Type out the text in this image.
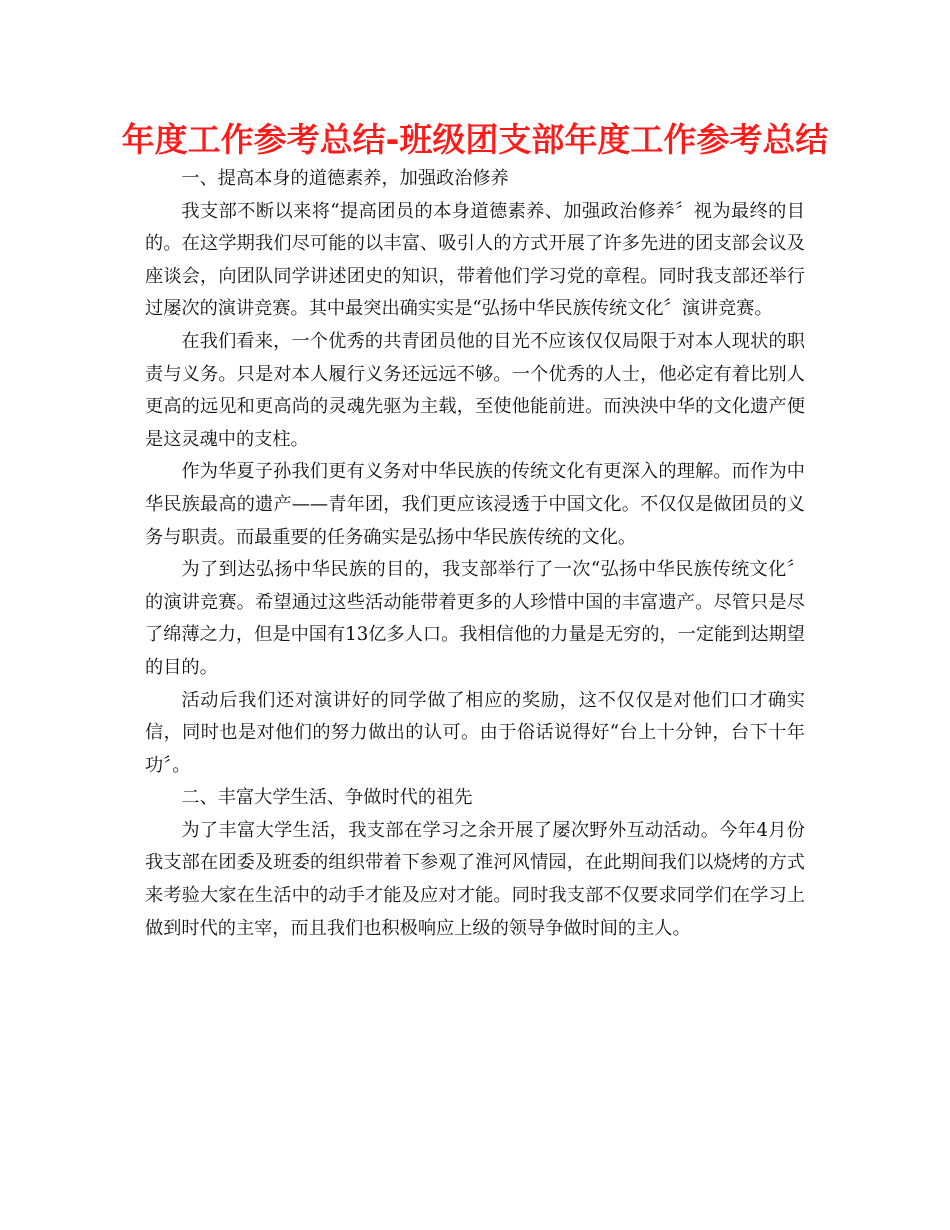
年度工作参考总结-班级团支部年度工作参考总结

一、提高本身的道德素养，加强政治修养

我支部不断以来将“提高团员的本身道德素养、加强政治修养〞视为最终的目的。在这学期我们尽可能的以丰富、吸引人的方式开展了许多先进的团支部会议及座谈会，向团队同学讲述团史的知识，带着他们学习党的章程。同时我支部还举行过屡次的演讲竞赛。其中最突出确实实是“弘扬中华民族传统文化〞演讲竞赛。

在我们看来，一个优秀的共青团员他的目光不应该仅仅局限于对本人现状的职责与义务。只是对本人履行义务还远远不够。一个优秀的人士，他必定有着比别人更高的远见和更高尚的灵魂先驱为主载，至使他能前进。而泱泱中华的文化遗产便是这灵魂中的支柱。

作为华夏子孙我们更有义务对中华民族的传统文化有更深入的理解。而作为中华民族最高的遗产——青年团，我们更应该浸透于中国文化。不仅仅是做团员的义务与职责。而最重要的任务确实是弘扬中华民族传统的文化。

为了到达弘扬中华民族的目的，我支部举行了一次“弘扬中华民族传统文化〞的演讲竞赛。希望通过这些活动能带着更多的人珍惜中国的丰富遗产。尽管只是尽了绵薄之力，但是中国有13亿多人口。我相信他的力量是无穷的，一定能到达期望的目的。

活动后我们还对演讲好的同学做了相应的奖励，这不仅仅是对他们口才确实信，同时也是对他们的努力做出的认可。由于俗话说得好“台上十分钟，台下十年功〞。

二、丰富大学生活、争做时代的祖先

为了丰富大学生活，我支部在学习之余开展了屡次野外互动活动。今年4月份我支部在团委及班委的组织带着下参观了淮河风情园，在此期间我们以烧烤的方式来考验大家在生活中的动手才能及应对才能。同时我支部不仅要求同学们在学习上做到时代的主宰，而且我们也积极响应上级的领导争做时间的主人。
